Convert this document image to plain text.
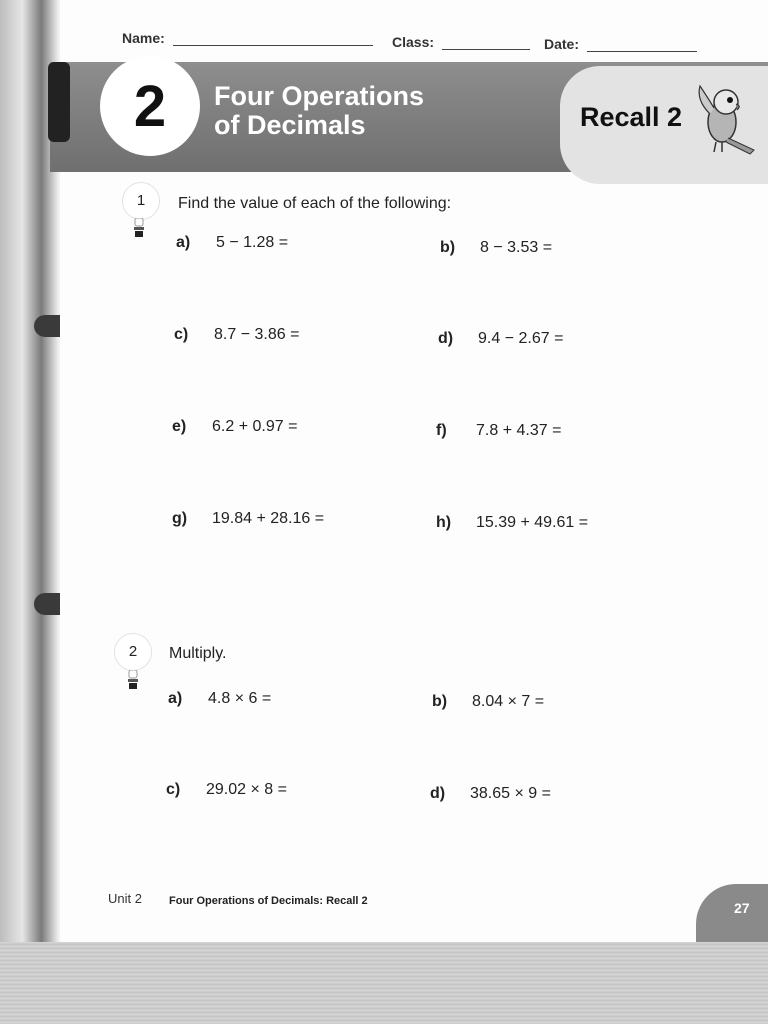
Name:	Class:	Date:
2	Four Operations
of Decimals	Recall 2
1	Find the value of each of the following:
a) 5 − 1.28 =	b) 8 − 3.53 =
c) 8.7 − 3.86 =	d) 9.4 − 2.67 =
e) 6.2 + 0.97 =	f) 7.8 + 4.37 =
g) 19.84 + 28.16 =	h) 15.39 + 49.61 =
2	Multiply.
a) 4.8 × 6 =	b) 8.04 × 7 =
c) 29.02 × 8 =	d) 38.65 × 9 =
Unit 2 Four Operations of Decimals: Recall 2	27
